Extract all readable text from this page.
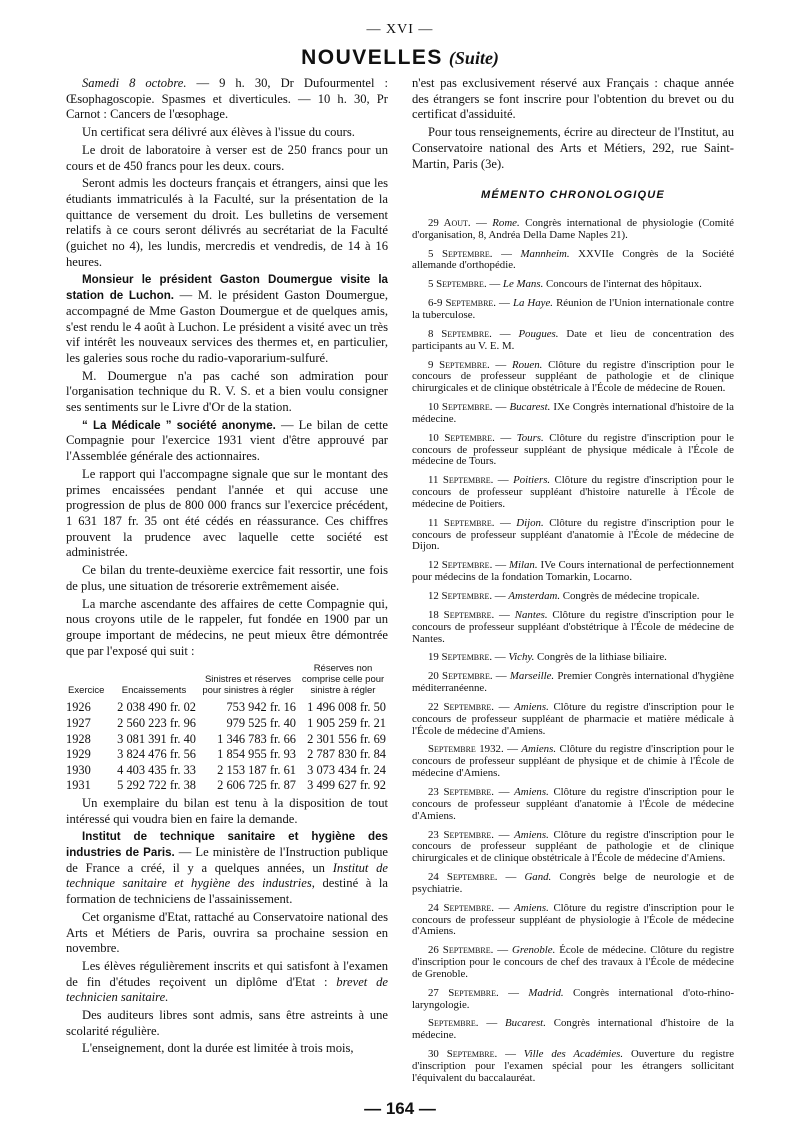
— XVI —
NOUVELLES (Suite)

Samedi 8 octobre. — 9 h. 30, Dr Dufourmentel : Œsophagoscopie. Spasmes et diverticules. — 10 h. 30, Pr Carnot : Cancers de l'œsophage.

Un certificat sera délivré aux élèves à l'issue du cours.

Le droit de laboratoire à verser est de 250 francs pour un cours et de 450 francs pour les deux. cours.

Seront admis les docteurs français et étrangers, ainsi que les étudiants immatriculés à la Faculté, sur la présentation de la quittance de versement du droit. Les bulletins de versement relatifs à ce cours seront délivrés au secrétariat de la Faculté (guichet no 4), les lundis, mercredis et vendredis, de 14 à 16 heures.

Monsieur le président Gaston Doumergue visite la station de Luchon. — M. le président Gaston Doumergue, accompagné de Mme Gaston Doumergue et de quelques amis, s'est rendu le 4 août à Luchon. Le président a visité avec un très vif intérêt les nouveaux services des thermes et, en particulier, les galeries sous roche du radio-vaporarium-sulfuré.

M. Doumergue n'a pas caché son admiration pour l'organisation technique du R. V. S. et a bien voulu consigner ses sentiments sur le Livre d'Or de la station.

“ La Médicale ” société anonyme. — Le bilan de cette Compagnie pour l'exercice 1931 vient d'être approuvé par l'Assemblée générale des actionnaires.

Le rapport qui l'accompagne signale que sur le montant des primes encaissées pendant l'année et qui accuse une progression de plus de 800 000 francs sur l'exercice précédent, 1 631 187 fr. 35 ont été cédés en réassurance. Ces chiffres prouvent la prudence avec laquelle cette société est administrée.

Ce bilan du trente-deuxième exercice fait ressortir, une fois de plus, une situation de trésorerie extrêmement aisée.

La marche ascendante des affaires de cette Compagnie qui, nous croyons utile de le rappeler, fut fondée en 1900 par un groupe important de médecins, ne peut mieux être démontrée que par l'exposé qui suit :

Exercice	Encaissements	Sinistres et réserves pour sinistres à régler	Réserves non comprise celle pour sinistre à régler
1926	2 038 490 fr. 02	753 942 fr. 16	1 496 008 fr. 50
1927	2 560 223 fr. 96	979 525 fr. 40	1 905 259 fr. 21
1928	3 081 391 fr. 40	1 346 783 fr. 66	2 301 556 fr. 69
1929	3 824 476 fr. 56	1 854 955 fr. 93	2 787 830 fr. 84
1930	4 403 435 fr. 33	2 153 187 fr. 61	3 073 434 fr. 24
1931	5 292 722 fr. 38	2 606 725 fr. 87	3 499 627 fr. 92

Un exemplaire du bilan est tenu à la disposition de tout intéressé qui voudra bien en faire la demande.

Institut de technique sanitaire et hygiène des industries de Paris. — Le ministère de l'Instruction publique de France a créé, il y a quelques années, un Institut de technique sanitaire et hygiène des industries, destiné à la formation de techniciens de l'assainissement.

Cet organisme d'Etat, rattaché au Conservatoire national des Arts et Métiers de Paris, ouvrira sa prochaine session en novembre.

Les élèves régulièrement inscrits et qui satisfont à l'examen de fin d'études reçoivent un diplôme d'Etat : brevet de technicien sanitaire.

Des auditeurs libres sont admis, sans être astreints à une scolarité régulière.

L'enseignement, dont la durée est limitée à trois mois,

n'est pas exclusivement réservé aux Français : chaque année des étrangers se font inscrire pour l'obtention du brevet ou du certificat d'assiduité.

Pour tous renseignements, écrire au directeur de l'Institut, au Conservatoire national des Arts et Métiers, 292, rue Saint-Martin, Paris (3e).

MÉMENTO CHRONOLOGIQUE

29 Aout. — Rome. Congrès international de physiologie (Comité d'organisation, 8, Andréa Della Dame Naples 21).

5 Septembre. — Mannheim. XXVIIe Congrès de la Société allemande d'orthopédie.

5 Septembre. — Le Mans. Concours de l'internat des hôpitaux.

6-9 Septembre. — La Haye. Réunion de l'Union internationale contre la tuberculose.

8 Septembre. — Pougues. Date et lieu de concentration des participants au V. E. M.

9 Septembre. — Rouen. Clôture du registre d'inscription pour le concours de professeur suppléant de pathologie et de clinique chirurgicales et de clinique obstétricale à l'École de médecine de Rouen.

10 Septembre. — Bucarest. IXe Congrès international d'histoire de la médecine.

10 Septembre. — Tours. Clôture du registre d'inscription pour le concours de professeur suppléant de physique médicale à l'École de médecine de Tours.

11 Septembre. — Poitiers. Clôture du registre d'inscription pour le concours de professeur suppléant d'histoire naturelle à l'École de médecine de Poitiers.

11 Septembre. — Dijon. Clôture du registre d'inscription pour le concours de professeur suppléant d'anatomie à l'École de médecine de Dijon.

12 Septembre. — Milan. IVe Cours international de perfectionnement pour médecins de la fondation Tomarkin, Locarno.

12 Septembre. — Amsterdam. Congrès de médecine tropicale.

18 Septembre. — Nantes. Clôture du registre d'inscription pour le concours de professeur suppléant d'obstétrique à l'École de médecine de Nantes.

19 Septembre. — Vichy. Congrès de la lithiase biliaire.

20 Septembre. — Marseille. Premier Congrès international d'hygiène méditerranéenne.

22 Septembre. — Amiens. Clôture du registre d'inscription pour le concours de professeur suppléant de pharmacie et matière médicale à l'École de médecine d'Amiens.

Septembre 1932. — Amiens. Clôture du registre d'inscription pour le concours de professeur suppléant de physique et de chimie à l'École de médecine d'Amiens.

23 Septembre. — Amiens. Clôture du registre d'inscription pour le concours de professeur suppléant d'anatomie à l'École de médecine d'Amiens.

23 Septembre. — Amiens. Clôture du registre d'inscription pour le concours de professeur suppléant de pathologie et de clinique chirurgicales et de clinique obstétricale à l'École de médecine d'Amiens.

24 Septembre. — Gand. Congrès belge de neurologie et de psychiatrie.

24 Septembre. — Amiens. Clôture du registre d'inscription pour le concours de professeur suppléant de physiologie à l'École de médecine d'Amiens.

26 Septembre. — Grenoble. École de médecine. Clôture du registre d'inscription pour le concours de chef des travaux à l'École de médecine de Grenoble.

27 Septembre. — Madrid. Congrès international d'oto-rhino-laryngologie.

Septembre. — Bucarest. Congrès international d'histoire de la médecine.

30 Septembre. — Ville des Académies. Ouverture du registre d'inscription pour l'examen spécial pour les étrangers sollicitant l'équivalent du baccalauréat.

— 164 —
